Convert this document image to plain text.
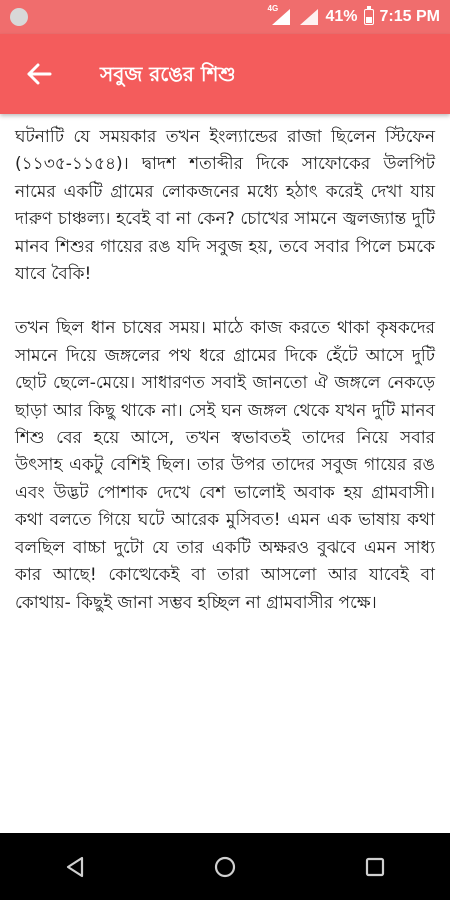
4G	41% 7:15 PM
সবুজ রঙের শিশু

ঘটনাটি যে সময়কার তখন ইংল্যান্ডের রাজা ছিলেন স্টিফেন (১১৩৫-১১৫৪)। দ্বাদশ শতাব্দীর দিকে সাফোকের উলপিট নামের একটি গ্রামের লোকজনের মধ্যে হঠাৎ করেই দেখা যায় দারুণ চাঞ্চল্য। হবেই বা না কেন? চোখের সামনে জ্বলজ্যান্ত দুটি মানব শিশুর গায়ের রঙ যদি সবুজ হয়, তবে সবার পিলে চমকে যাবে বৈকি!

তখন ছিল ধান চাষের সময়। মাঠে কাজ করতে থাকা কৃষকদের সামনে দিয়ে জঙ্গলের পথ ধরে গ্রামের দিকে হেঁটে আসে দুটি ছোট ছেলে-মেয়ে। সাধারণত সবাই জানতো ঐ জঙ্গলে নেকড়ে ছাড়া আর কিছু থাকে না। সেই ঘন জঙ্গল থেকে যখন দুটি মানব শিশু বের হয়ে আসে, তখন স্বভাবতই তাদের নিয়ে সবার উৎসাহ একটু বেশিই ছিল। তার উপর তাদের সবুজ গায়ের রঙ এবং উদ্ভট পোশাক দেখে বেশ ভালোই অবাক হয় গ্রামবাসী। কথা বলতে গিয়ে ঘটে আরেক মুসিবত! এমন এক ভাষায় কথা বলছিল বাচ্চা দুটো যে তার একটি অক্ষরও বুঝবে এমন সাধ্য কার আছে! কোত্থেকেই বা তারা আসলো আর যাবেই বা কোথায়- কিছুই জানা সম্ভব হচ্ছিল না গ্রামবাসীর পক্ষে।
